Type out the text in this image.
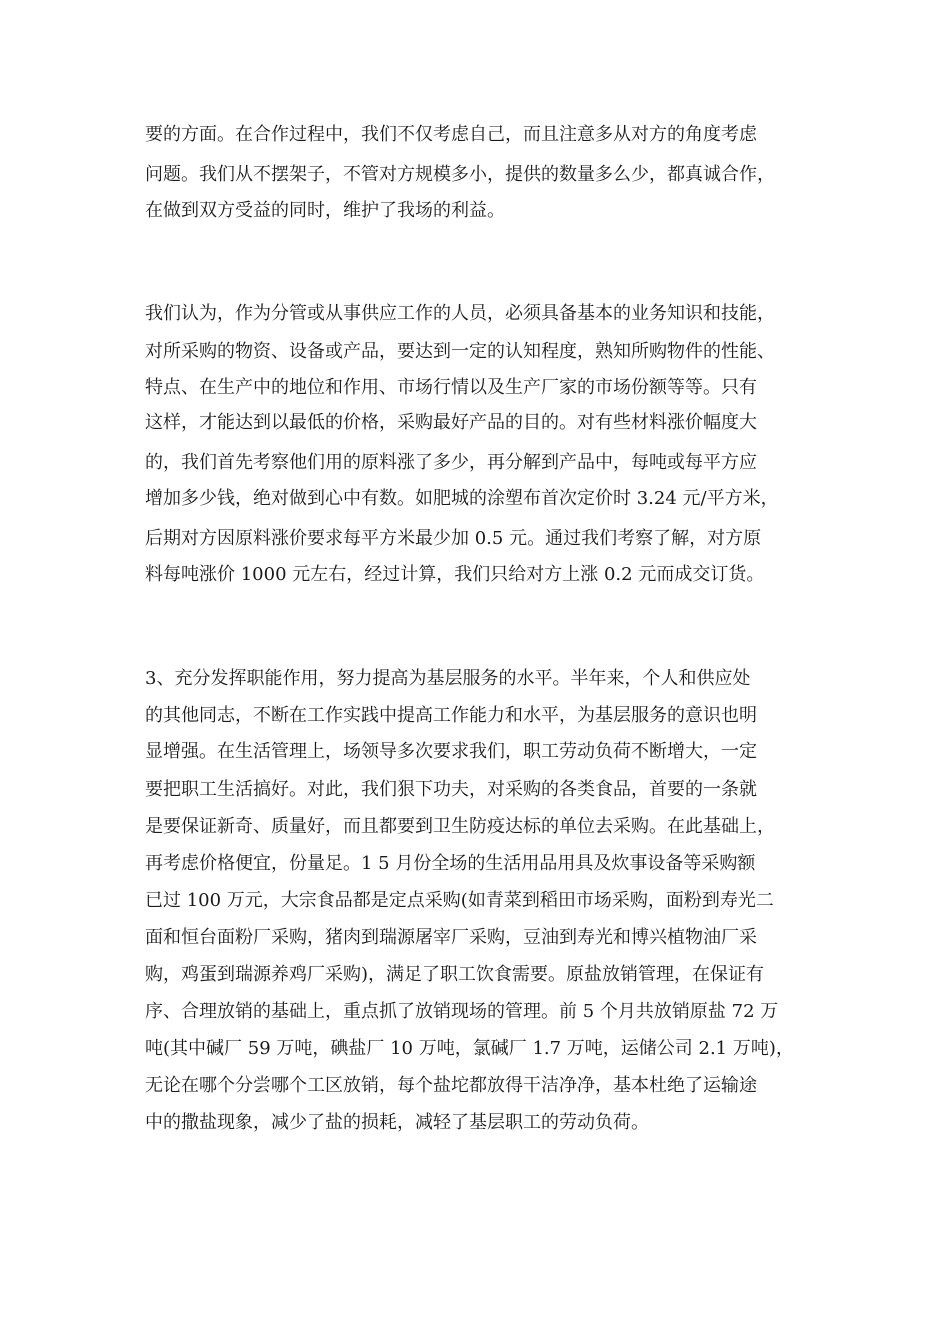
要的方面。在合作过程中，我们不仅考虑自己，而且注意多从对方的角度考虑
问题。我们从不摆架子，不管对方规模多小，提供的数量多么少，都真诚合作，
在做到双方受益的同时，维护了我场的利益。
我们认为，作为分管或从事供应工作的人员，必须具备基本的业务知识和技能，
对所采购的物资、设备或产品，要达到一定的认知程度，熟知所购物件的性能、
特点、在生产中的地位和作用、市场行情以及生产厂家的市场份额等等。只有
这样，才能达到以最低的价格，采购最好产品的目的。对有些材料涨价幅度大
的，我们首先考察他们用的原料涨了多少，再分解到产品中，每吨或每平方应
增加多少钱，绝对做到心中有数。如肥城的涂塑布首次定价时 3.24 元/平方米，
后期对方因原料涨价要求每平方米最少加 0.5 元。通过我们考察了解，对方原
料每吨涨价 1000 元左右，经过计算，我们只给对方上涨 0.2 元而成交订货。
3、充分发挥职能作用，努力提高为基层服务的水平。半年来，个人和供应处
的其他同志，不断在工作实践中提高工作能力和水平，为基层服务的意识也明
显增强。在生活管理上，场领导多次要求我们，职工劳动负荷不断增大，一定
要把职工生活搞好。对此，我们狠下功夫，对采购的各类食品，首要的一条就
是要保证新奇、质量好，而且都要到卫生防疫达标的单位去采购。在此基础上，
再考虑价格便宜，份量足。1 5 月份全场的生活用品用具及炊事设备等采购额
已过 100 万元，大宗食品都是定点采购(如青菜到稻田市场采购，面粉到寿光二
面和恒台面粉厂采购，猪肉到瑞源屠宰厂采购，豆油到寿光和博兴植物油厂采
购，鸡蛋到瑞源养鸡厂采购)，满足了职工饮食需要。原盐放销管理，在保证有
序、合理放销的基础上，重点抓了放销现场的管理。前 5 个月共放销原盐 72 万
吨(其中碱厂 59 万吨，碘盐厂 10 万吨，氯碱厂 1.7 万吨，运储公司 2.1 万吨)，
无论在哪个分尝哪个工区放销，每个盐坨都放得干洁净净，基本杜绝了运输途
中的撒盐现象，减少了盐的损耗，减轻了基层职工的劳动负荷。
